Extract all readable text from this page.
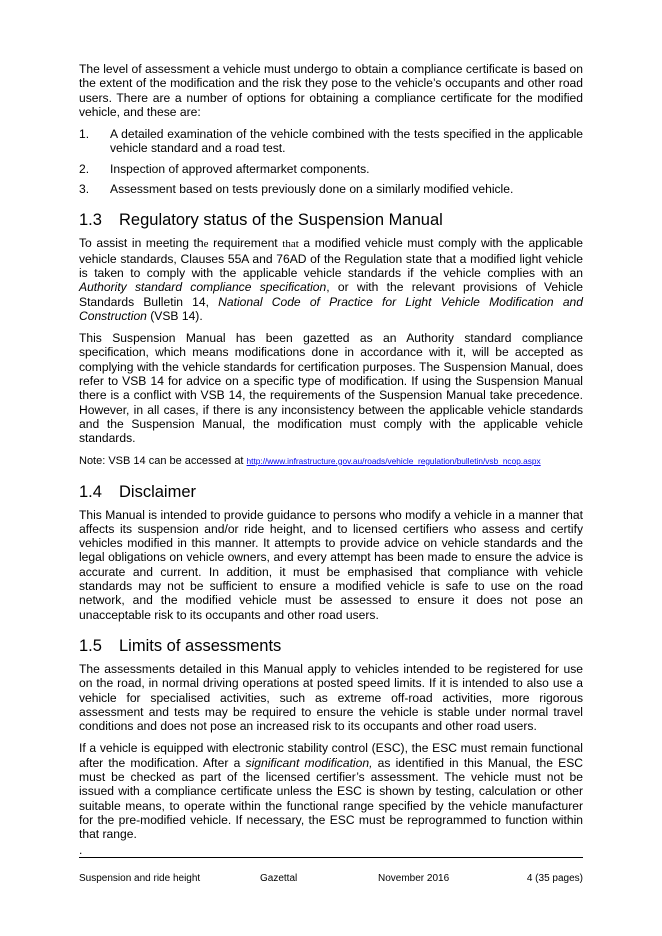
The level of assessment a vehicle must undergo to obtain a compliance certificate is based on the extent of the modification and the risk they pose to the vehicle’s occupants and other road users. There are a number of options for obtaining a compliance certificate for the modified vehicle, and these are:

1.	A detailed examination of the vehicle combined with the tests specified in the applicable vehicle standard and a road test.
2.	Inspection of approved aftermarket components.
3.	Assessment based on tests previously done on a similarly modified vehicle.
1.3 Regulatory status of the Suspension Manual

To assist in meeting the requirement that a modified vehicle must comply with the applicable vehicle standards, Clauses 55A and 76AD of the Regulation state that a modified light vehicle is taken to comply with the applicable vehicle standards if the vehicle complies with an Authority standard compliance specification, or with the relevant provisions of Vehicle Standards Bulletin 14, National Code of Practice for Light Vehicle Modification and Construction (VSB 14).

This Suspension Manual has been gazetted as an Authority standard compliance specification, which means modifications done in accordance with it, will be accepted as complying with the vehicle standards for certification purposes. The Suspension Manual, does refer to VSB 14 for advice on a specific type of modification. If using the Suspension Manual there is a conflict with VSB 14, the requirements of the Suspension Manual take precedence. However, in all cases, if there is any inconsistency between the applicable vehicle standards and the Suspension Manual, the modification must comply with the applicable vehicle standards.

Note: VSB 14 can be accessed at http://www.infrastructure.gov.au/roads/vehicle_regulation/bulletin/vsb_ncop.aspx

1.4 Disclaimer

This Manual is intended to provide guidance to persons who modify a vehicle in a manner that affects its suspension and/or ride height, and to licensed certifiers who assess and certify vehicles modified in this manner. It attempts to provide advice on vehicle standards and the legal obligations on vehicle owners, and every attempt has been made to ensure the advice is accurate and current. In addition, it must be emphasised that compliance with vehicle standards may not be sufficient to ensure a modified vehicle is safe to use on the road network, and the modified vehicle must be assessed to ensure it does not pose an unacceptable risk to its occupants and other road users.

1.5 Limits of assessments

The assessments detailed in this Manual apply to vehicles intended to be registered for use on the road, in normal driving operations at posted speed limits. If it is intended to also use a vehicle for specialised activities, such as extreme off-road activities, more rigorous assessment and tests may be required to ensure the vehicle is stable under normal travel conditions and does not pose an increased risk to its occupants and other road users.

If a vehicle is equipped with electronic stability control (ESC), the ESC must remain functional after the modification. After a significant modification, as identified in this Manual, the ESC must be checked as part of the licensed certifier’s assessment. The vehicle must not be issued with a compliance certificate unless the ESC is shown by testing, calculation or other suitable means, to operate within the functional range specified by the vehicle manufacturer for the pre-modified vehicle. If necessary, the ESC must be reprogrammed to function within that range.

.

Suspension and ride height	Gazettal	November 2016	4 (35 pages)
